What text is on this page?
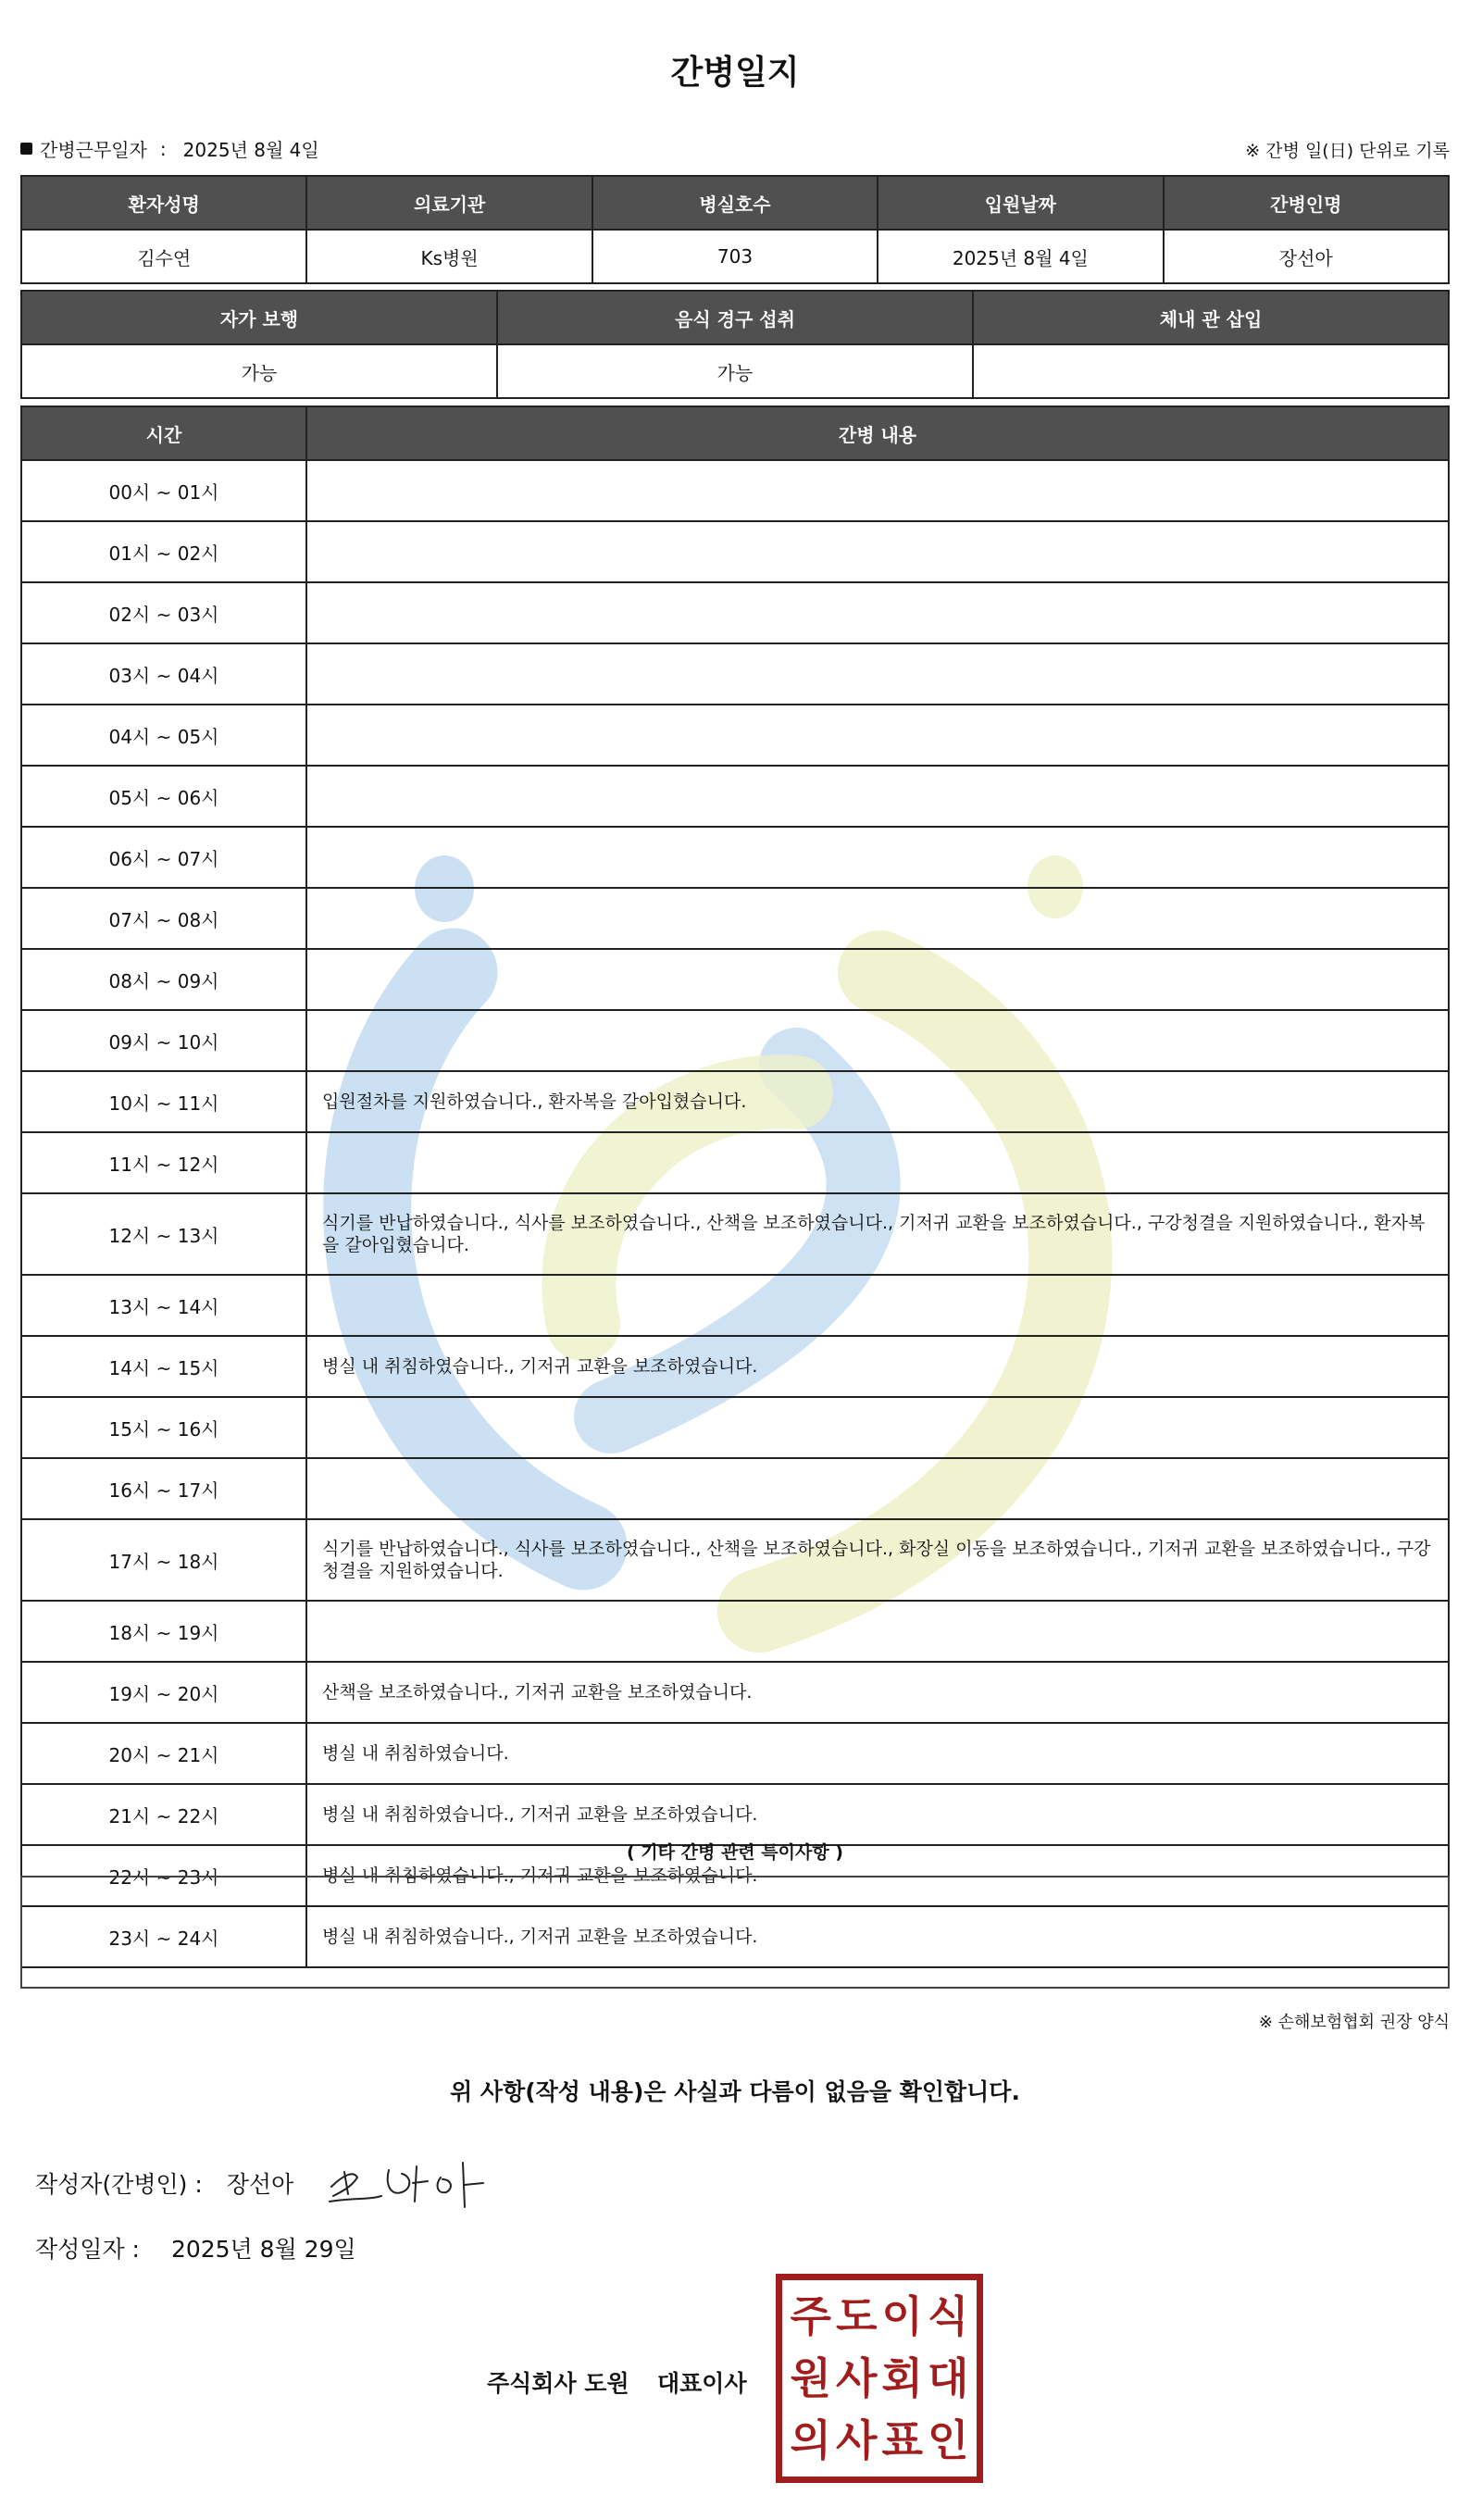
간병일지
간병근무일자 : 2025년 8월 4일	※ 간병 일(日) 단위로 기록
환자성명	의료기관	병실호수	입원날짜	간병인명
김수연	Ks병원	703	2025년 8월 4일	장선아
자가 보행	음식 경구 섭취	체내 관 삽입
가능	가능	
시간	간병 내용
00시 ~ 01시	
01시 ~ 02시	
02시 ~ 03시	
03시 ~ 04시	
04시 ~ 05시	
05시 ~ 06시	
06시 ~ 07시	
07시 ~ 08시	
08시 ~ 09시	
09시 ~ 10시	
10시 ~ 11시	입원절차를 지원하였습니다., 환자복을 갈아입혔습니다.
11시 ~ 12시	
12시 ~ 13시	식기를 반납하였습니다., 식사를 보조하였습니다., 산책을 보조하였습니다., 기저귀 교환을 보조하였습니다., 구강청결을 지원하였습니다., 환자복을 갈아입혔습니다.
13시 ~ 14시	
14시 ~ 15시	병실 내 취침하였습니다., 기저귀 교환을 보조하였습니다.
15시 ~ 16시	
16시 ~ 17시	
17시 ~ 18시	식기를 반납하였습니다., 식사를 보조하였습니다., 산책을 보조하였습니다., 화장실 이동을 보조하였습니다., 기저귀 교환을 보조하였습니다., 구강청결을 지원하였습니다.
18시 ~ 19시	
19시 ~ 20시	산책을 보조하였습니다., 기저귀 교환을 보조하였습니다.
20시 ~ 21시	병실 내 취침하였습니다.
21시 ~ 22시	병실 내 취침하였습니다., 기저귀 교환을 보조하였습니다.
22시 ~ 23시	병실 내 취침하였습니다., 기저귀 교환을 보조하였습니다.
23시 ~ 24시	병실 내 취침하였습니다., 기저귀 교환을 보조하였습니다.
( 기타 간병 관련 특이사항 )
※ 손해보험협회 권장 양식
위 사항(작성 내용)은 사실과 다름이 없음을 확인합니다.
작성자(간병인) : 장선아
작성일자 : 2025년 8월 29일
주식회사 도원 대표이사
주 도 이 식
원 사 회 대
의 사 표 인
